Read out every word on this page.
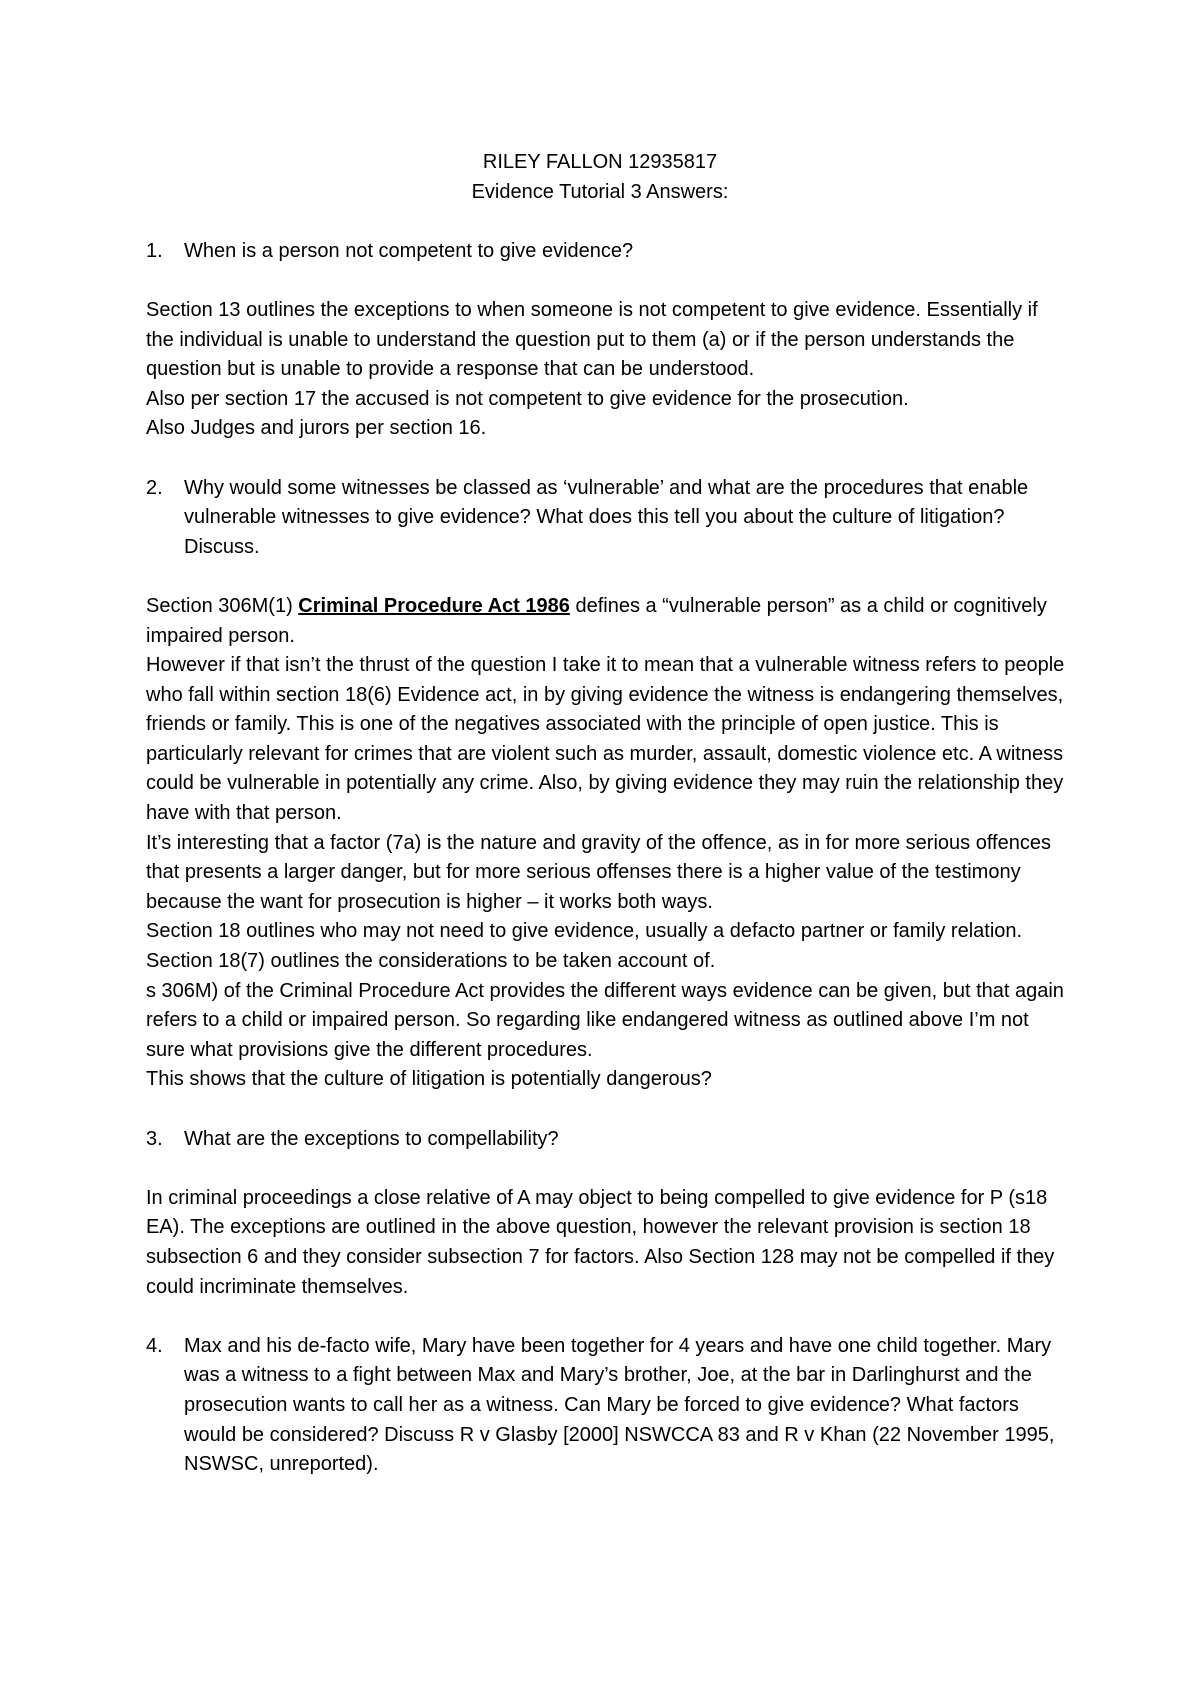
RILEY FALLON 12935817
Evidence Tutorial 3 Answers:
1.	When is a person not competent to give evidence?

Section 13 outlines the exceptions to when someone is not competent to give evidence. Essentially if the individual is unable to understand the question put to them (a) or if the person understands the question but is unable to provide a response that can be understood.

Also per section 17 the accused is not competent to give evidence for the prosecution.

Also Judges and jurors per section 16.

2.	Why would some witnesses be classed as ‘vulnerable’ and what are the procedures that enable vulnerable witnesses to give evidence? What does this tell you about the culture of litigation? Discuss.

Section 306M(1) Criminal Procedure Act 1986 defines a “vulnerable person” as a child or cognitively impaired person.

However if that isn’t the thrust of the question I take it to mean that a vulnerable witness refers to people who fall within section 18(6) Evidence act, in by giving evidence the witness is endangering themselves, friends or family. This is one of the negatives associated with the principle of open justice. This is particularly relevant for crimes that are violent such as murder, assault, domestic violence etc. A witness could be vulnerable in potentially any crime. Also, by giving evidence they may ruin the relationship they have with that person.

It’s interesting that a factor (7a) is the nature and gravity of the offence, as in for more serious offences that presents a larger danger, but for more serious offenses there is a higher value of the testimony because the want for prosecution is higher – it works both ways.

Section 18 outlines who may not need to give evidence, usually a defacto partner or family relation. Section 18(7) outlines the considerations to be taken account of.

s 306M) of the Criminal Procedure Act provides the different ways evidence can be given, but that again refers to a child or impaired person. So regarding like endangered witness as outlined above I’m not sure what provisions give the different procedures.

This shows that the culture of litigation is potentially dangerous?

3.	What are the exceptions to compellability?

In criminal proceedings a close relative of A may object to being compelled to give evidence for P (s18 EA). The exceptions are outlined in the above question, however the relevant provision is section 18 subsection 6 and they consider subsection 7 for factors. Also Section 128 may not be compelled if they could incriminate themselves.

4.	Max and his de-facto wife, Mary have been together for 4 years and have one child together. Mary was a witness to a fight between Max and Mary’s brother, Joe, at the bar in Darlinghurst and the prosecution wants to call her as a witness. Can Mary be forced to give evidence? What factors would be considered? Discuss R v Glasby [2000] NSWCCA 83 and R v Khan (22 November 1995, NSWSC, unreported).
